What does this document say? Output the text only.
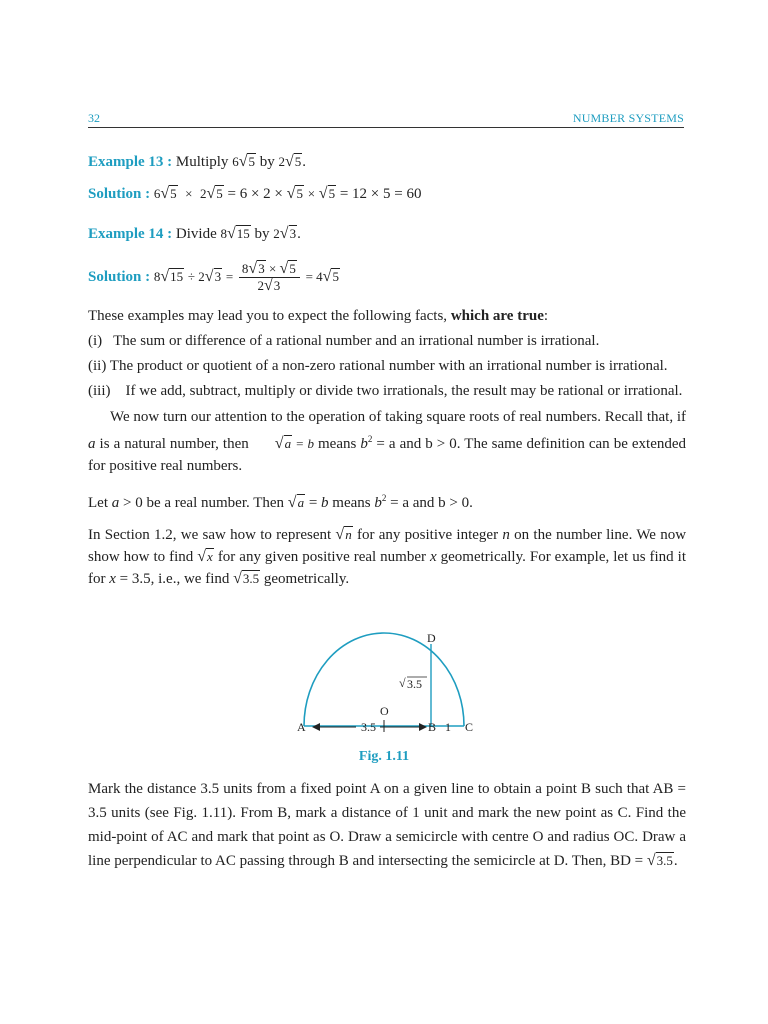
32	NUMBER SYSTEMS
Example 13 : Multiply 6√5 by 2√5.
Solution : 6√5 × 2√5 = 6 × 2 × √5 × √5 = 12 × 5 = 60
Example 14 : Divide 8√15 by 2√3.
Solution : $8√15 \div 2√3 = \frac{8√3 \times √5}{2√3} = 4√5$

These examples may lead you to expect the following facts, which are true:

(i)  The sum or difference of a rational number and an irrational number is irrational.

(ii) The product or quotient of a non-zero rational number with an irrational number is irrational.

(iii)  If we add, subtract, multiply or divide two irrationals, the result may be rational or irrational.

We now turn our attention to the operation of taking square roots of real numbers. Recall that, if a is a natural number, then √a = b means $b^2 = a$ and b > 0. The same definition can be extended for positive real numbers.

Let a > 0 be a real number. Then √a = b means $b^2 = a$ and b > 0.

In Section 1.2, we saw how to represent √n for any positive integer n on the number line. We now show how to find √x for any given positive real number x geometrically. For example, let us find it for x = 3.5, i.e., we find √3.5 geometrically.

A	B C
D
O
3.5	1
√ 3.5
Fig. 1.11

Mark the distance 3.5 units from a fixed point A on a given line to obtain a point B such that AB = 3.5 units (see Fig. 1.11). From B, mark a distance of 1 unit and mark the new point as C. Find the mid-point of AC and mark that point as O. Draw a semicircle with centre O and radius OC. Draw a line perpendicular to AC passing through B and intersecting the semicircle at D. Then, BD = √3.5.
